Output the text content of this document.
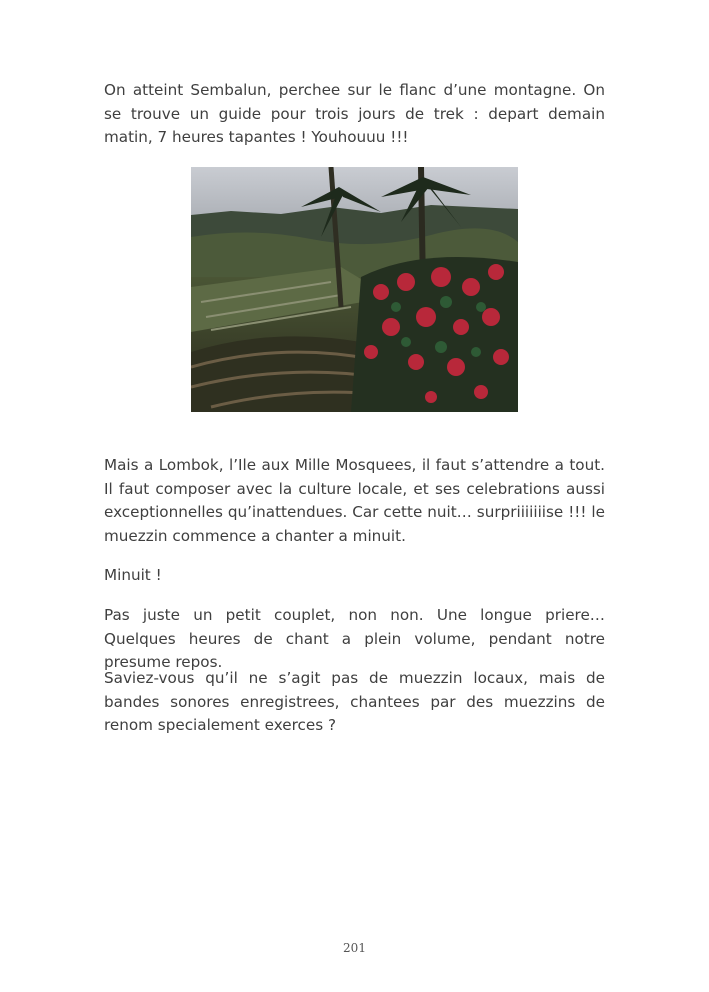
On atteint Sembalun, perchee sur le flanc d’une montagne. On se trouve un guide pour trois jours de trek : depart demain matin, 7 heures tapantes ! Youhouuu !!!

Mais a Lombok, l’Ile aux Mille Mosquees, il faut s’attendre a tout. Il faut composer avec la culture locale, et ses celebrations aussi exceptionnelles qu’inattendues. Car cette nuit… surpriiiiiiise !!! le muezzin commence a chanter a minuit.

Minuit !

Pas juste un petit couplet, non non. Une longue priere… Quelques heures de chant a plein volume, pendant notre presume repos.

Saviez-vous qu’il ne s’agit pas de muezzin locaux, mais de bandes sonores enregistrees, chantees par des muezzins de renom specialement exerces ?

201
